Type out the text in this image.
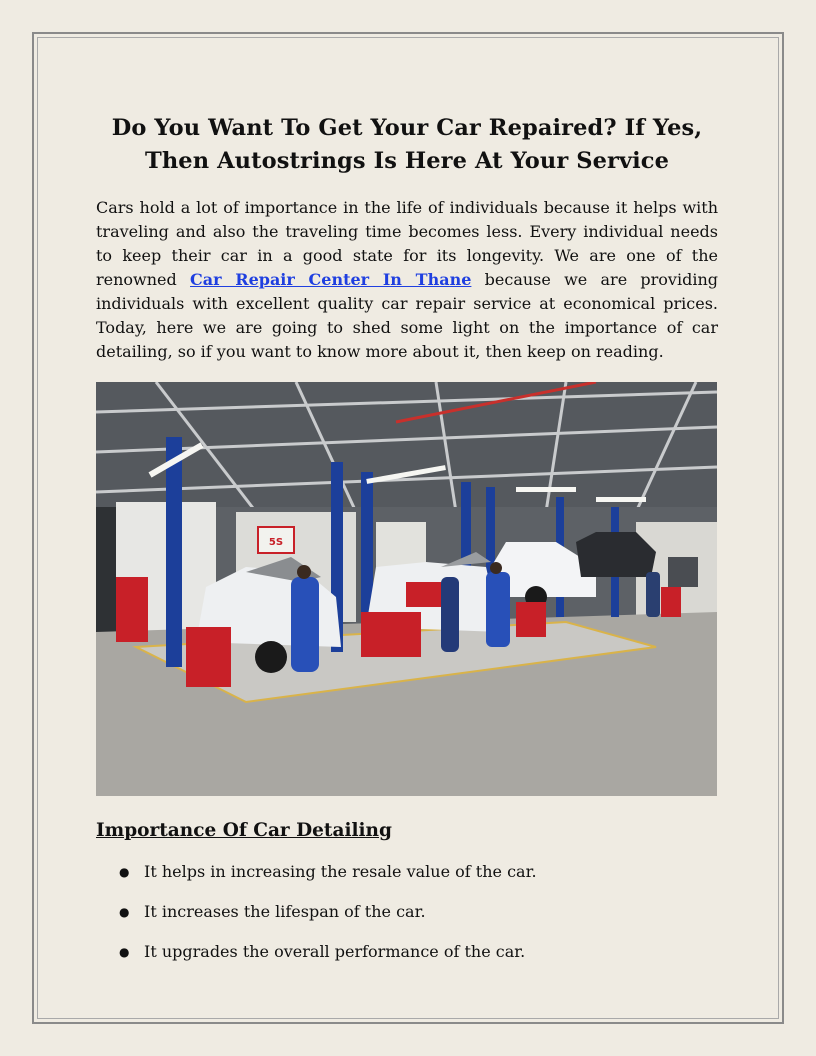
Do You Want To Get Your Car Repaired? If Yes, Then Autostrings Is Here At Your Service

Cars hold a lot of importance in the life of individuals because it helps with traveling and also the traveling time becomes less. Every individual needs to keep their car in a good state for its longevity. We are one of the renowned Car Repair Center In Thane because we are providing individuals with excellent quality car repair service at economical prices. Today, here we are going to shed some light on the importance of car detailing, so if you want to know more about it, then keep on reading.

5S
Importance Of Car Detailing
● It helps in increasing the resale value of the car.
● It increases the lifespan of the car.
● It upgrades the overall performance of the car.
